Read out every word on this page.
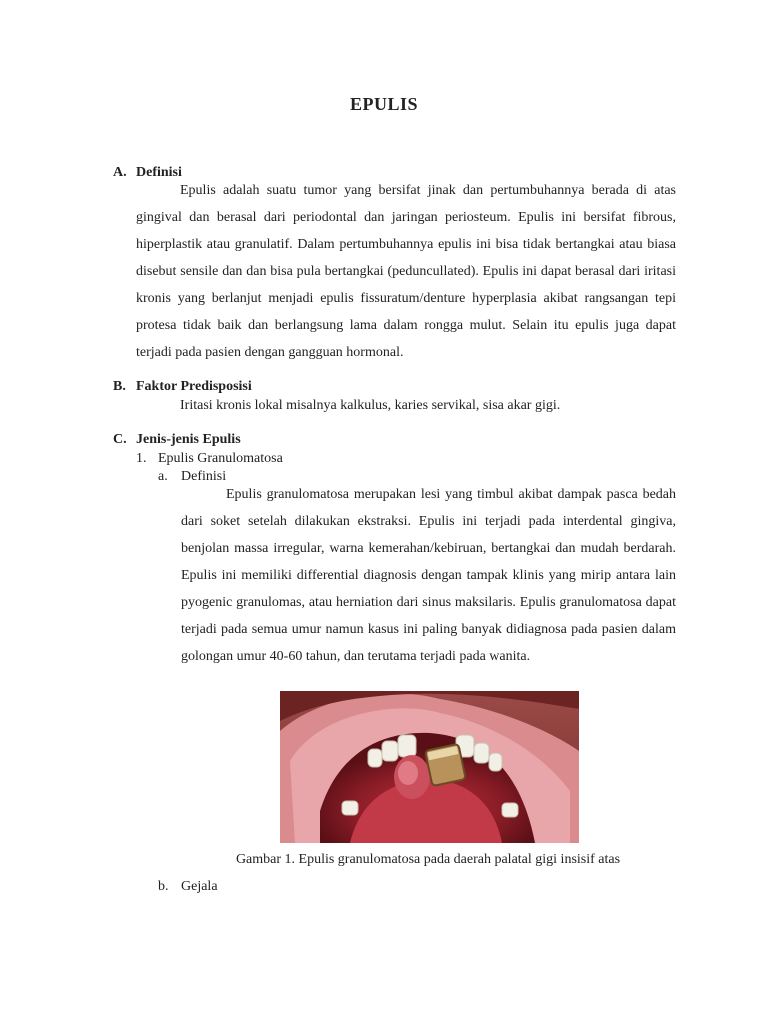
EPULIS
A. Definisi
Epulis adalah suatu tumor yang bersifat jinak dan pertumbuhannya berada di atas gingival dan berasal dari periodontal dan jaringan periosteum. Epulis ini bersifat fibrous, hiperplastik atau granulatif. Dalam pertumbuhannya epulis ini bisa tidak bertangkai atau biasa disebut sensile dan dan bisa pula bertangkai (peduncullated). Epulis ini dapat berasal dari iritasi kronis yang berlanjut menjadi epulis fissuratum/denture hyperplasia akibat rangsangan tepi protesa tidak baik dan berlangsung lama dalam rongga mulut. Selain itu epulis juga dapat terjadi pada pasien dengan gangguan hormonal.
B. Faktor Predisposisi
Iritasi kronis lokal misalnya kalkulus, karies servikal, sisa akar gigi.
C. Jenis-jenis Epulis
1. Epulis Granulomatosa
a. Definisi
Epulis granulomatosa merupakan lesi yang timbul akibat dampak pasca bedah dari soket setelah dilakukan ekstraksi. Epulis ini terjadi pada interdental gingiva, benjolan massa irregular, warna kemerahan/kebiruan, bertangkai dan mudah berdarah. Epulis ini memiliki differential diagnosis dengan tampak klinis yang mirip antara lain pyogenic granulomas, atau herniation dari sinus maksilaris. Epulis granulomatosa dapat terjadi pada semua umur namun kasus ini paling banyak didiagnosa pada pasien dalam golongan umur 40-60 tahun, dan terutama terjadi pada wanita.
Gambar 1. Epulis granulomatosa pada daerah palatal gigi insisif atas
b. Gejala
